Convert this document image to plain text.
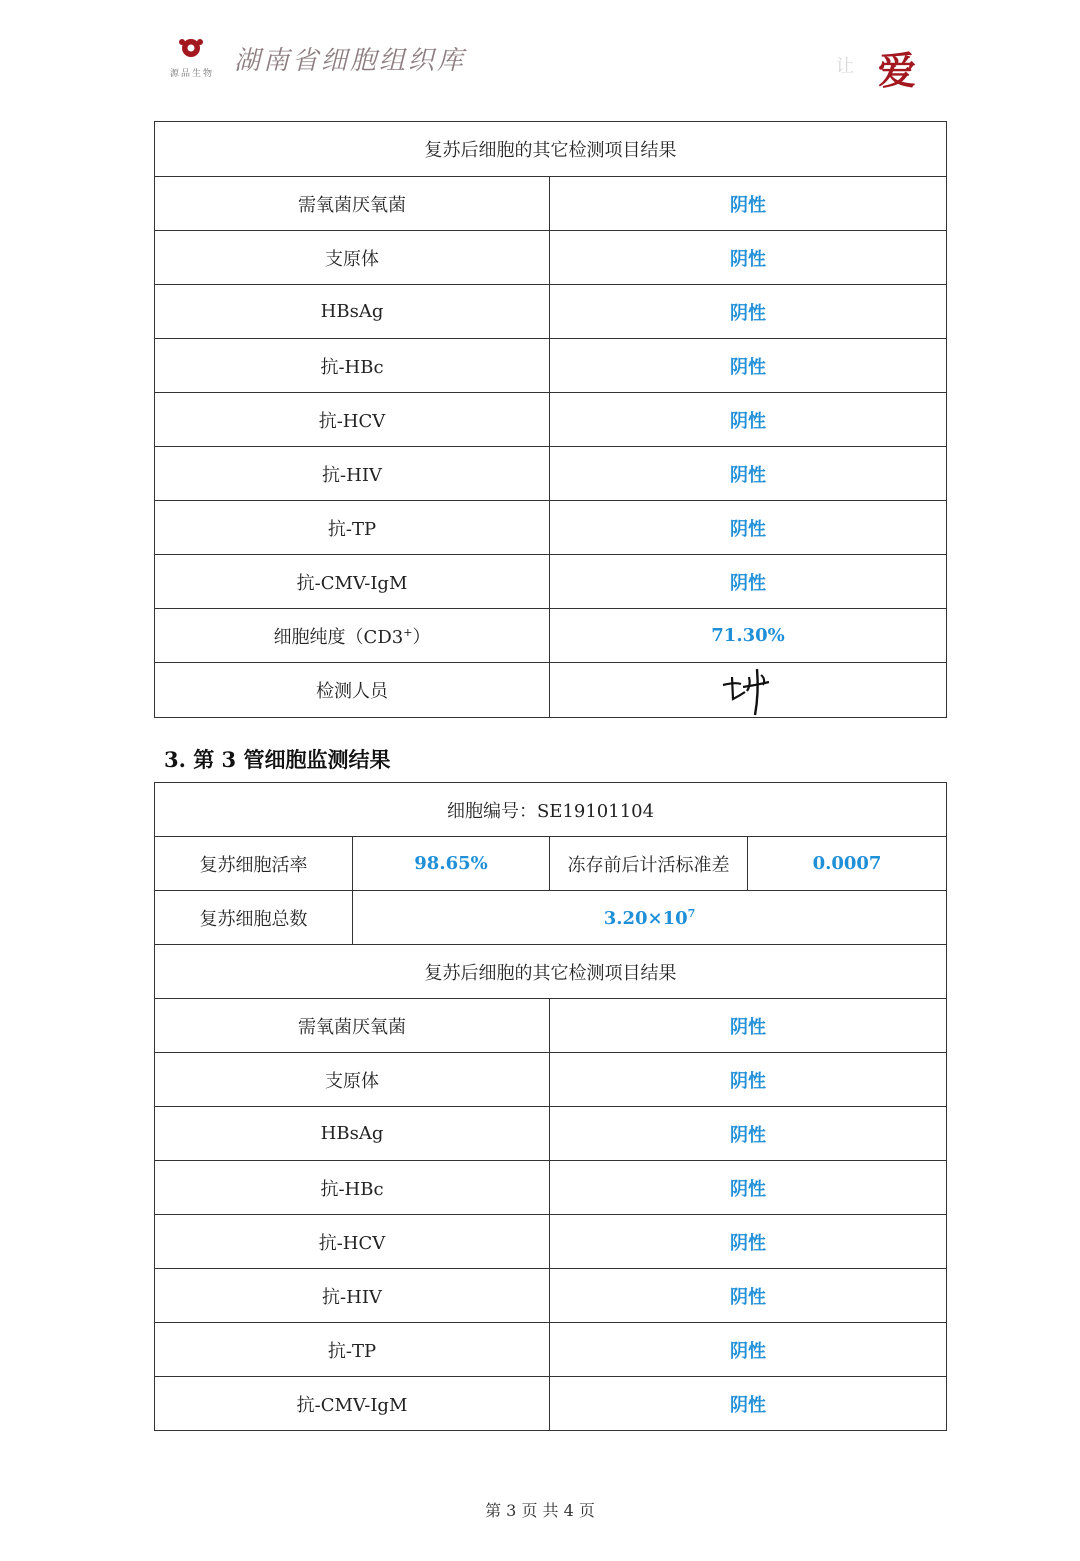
源品生物 湖南省细胞组织库	让 爱
复苏后细胞的其它检测项目结果	
需氧菌厌氧菌	阴性
支原体	阴性
HBsAg	阴性
抗-HBc	阴性
抗-HCV	阴性
抗-HIV	阴性
抗-TP	阴性
抗-CMV-IgM	阴性
细胞纯度（CD3+）	71.30%
检测人员	
3. 第 3 管细胞监测结果
细胞编号：SE19101104			
复苏细胞活率	98.65%	冻存前后计活标准差	0.0007
复苏细胞总数	$3.20\times 10^7$
复苏后细胞的其它检测项目结果			
需氧菌厌氧菌		阴性	
支原体		阴性	
HBsAg		阴性	
抗-HBc		阴性	
抗-HCV		阴性	
抗-HIV		阴性	
抗-TP		阴性	
抗-CMV-IgM		阴性	
第 3 页 共 4 页
